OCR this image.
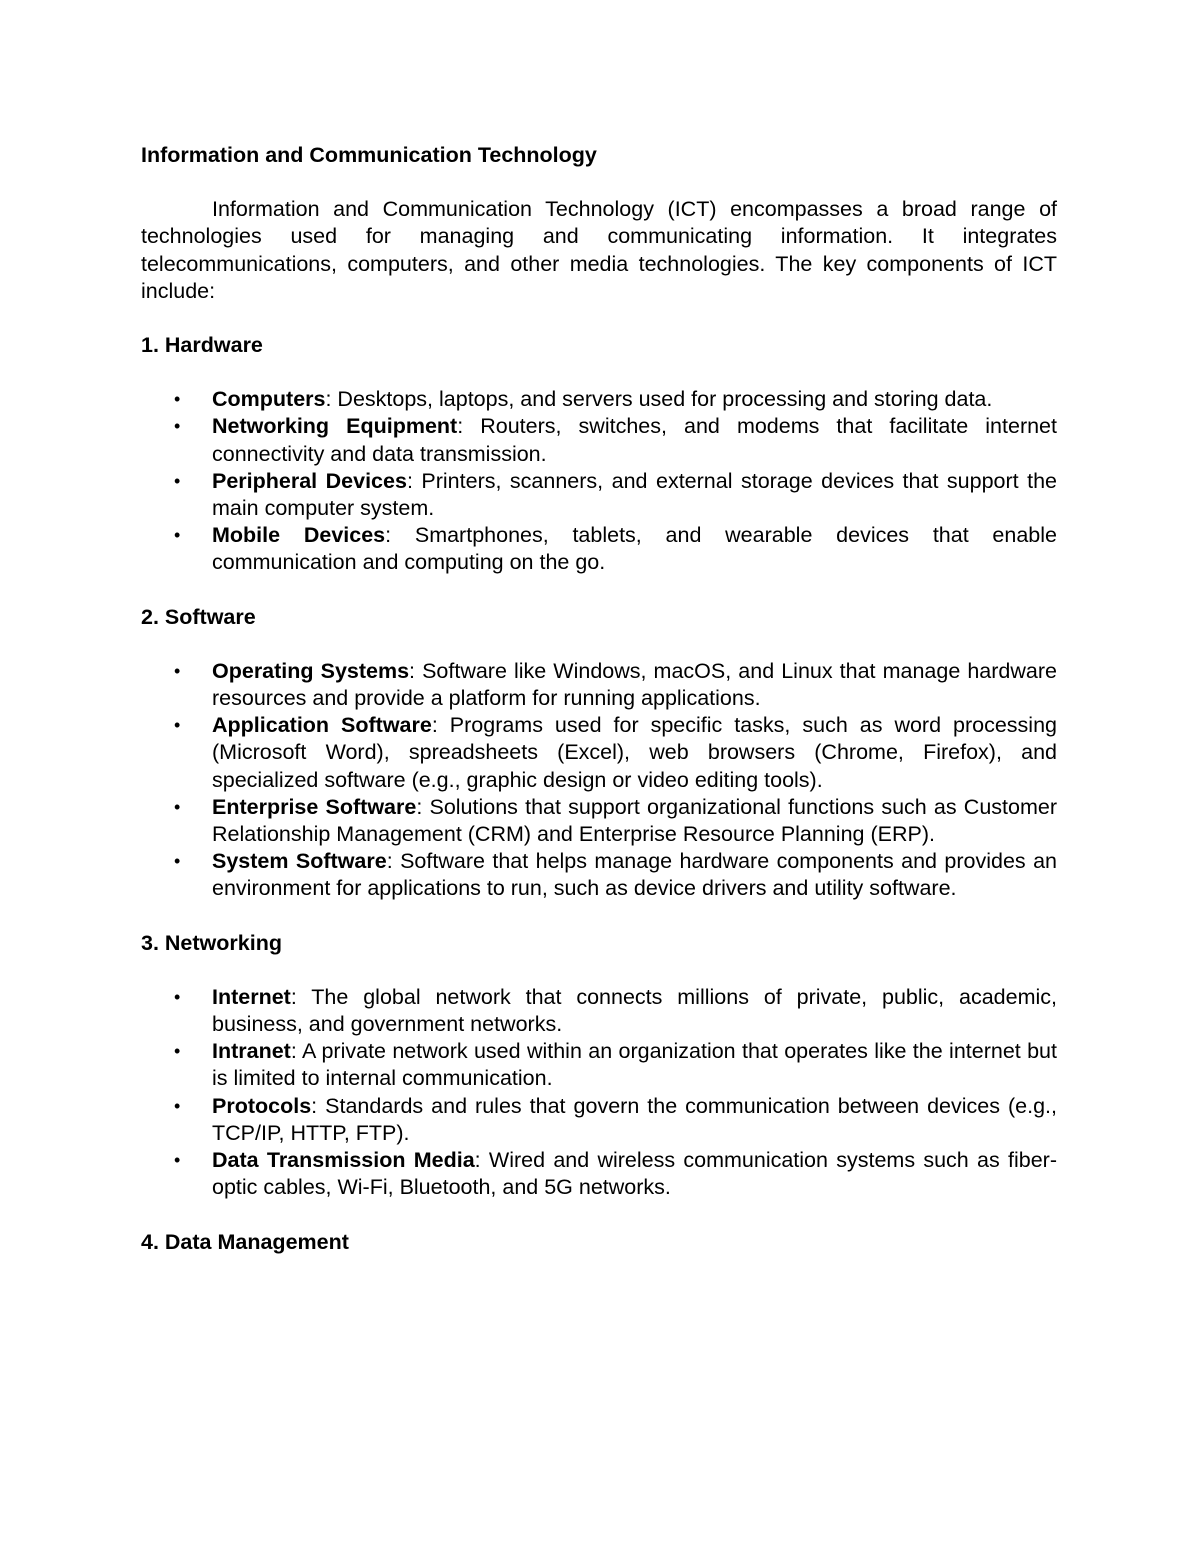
Information and Communication Technology

Information and Communication Technology (ICT) encompasses a broad range of technologies used for managing and communicating information. It integrates telecommunications, computers, and other media technologies. The key components of ICT include:

1. Hardware
• Computers: Desktops, laptops, and servers used for processing and storing data.
• Networking Equipment: Routers, switches, and modems that facilitate internet connectivity and data transmission.
• Peripheral Devices: Printers, scanners, and external storage devices that support the main computer system.
• Mobile Devices: Smartphones, tablets, and wearable devices that enable communication and computing on the go.
2. Software
• Operating Systems: Software like Windows, macOS, and Linux that manage hardware resources and provide a platform for running applications.
• Application Software: Programs used for specific tasks, such as word processing (Microsoft Word), spreadsheets (Excel), web browsers (Chrome, Firefox), and specialized software (e.g., graphic design or video editing tools).
• Enterprise Software: Solutions that support organizational functions such as Customer Relationship Management (CRM) and Enterprise Resource Planning (ERP).
• System Software: Software that helps manage hardware components and provides an environment for applications to run, such as device drivers and utility software.
3. Networking
• Internet: The global network that connects millions of private, public, academic, business, and government networks.
• Intranet: A private network used within an organization that operates like the internet but is limited to internal communication.
• Protocols: Standards and rules that govern the communication between devices (e.g., TCP/IP, HTTP, FTP).
• Data Transmission Media: Wired and wireless communication systems such as fiber-optic cables, Wi-Fi, Bluetooth, and 5G networks.
4. Data Management
